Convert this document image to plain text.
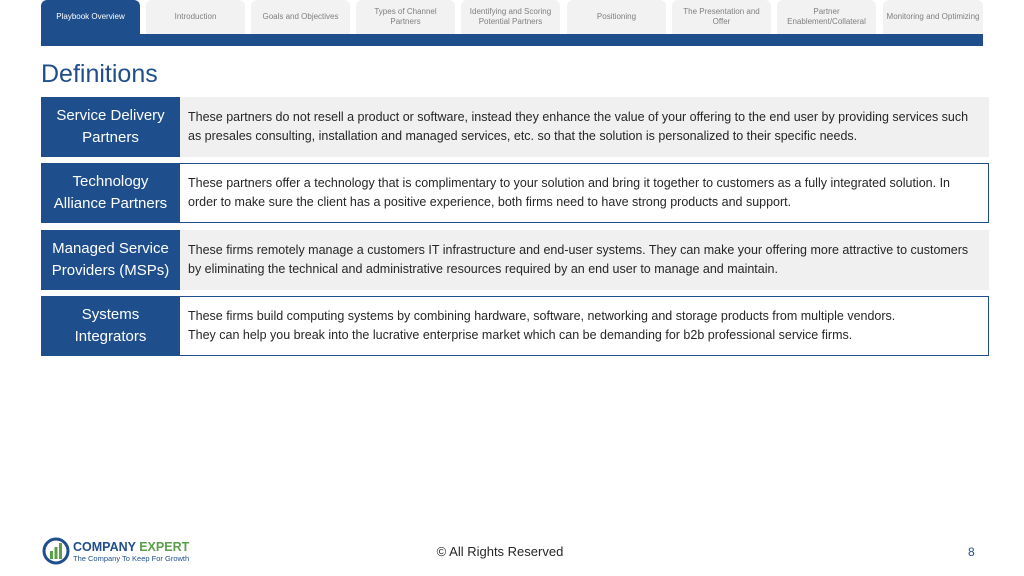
Playbook Overview	Introduction	Goals and Objectives
Types of Channel Partners
Identifying and Scoring Potential Partners
Positioning
The Presentation and Offer
Partner Enablement/Collateral
Monitoring and Optimizing
Definitions
Service Delivery Partners
These partners do not resell a product or software, instead they enhance the value of your offering to the end user by providing services such as presales consulting, installation and managed services, etc. so that the solution is personalized to their specific needs.
Technology Alliance Partners
These partners offer a technology that is complimentary to your solution and bring it together to customers as a fully integrated solution. In order to make sure the client has a positive experience, both firms need to have strong products and support.
Managed Service Providers (MSPs)
These firms remotely manage a customers IT infrastructure and end-user systems. They can make your offering more attractive to customers by eliminating the technical and administrative resources required by an end user to manage and maintain.
Systems Integrators
These firms build computing systems by combining hardware, software, networking and storage products from multiple vendors.
They can help you break into the lucrative enterprise market which can be demanding for b2b professional service firms.
COMPANY EXPERT
The Company To Keep For Growth	© All Rights Reserved	8
